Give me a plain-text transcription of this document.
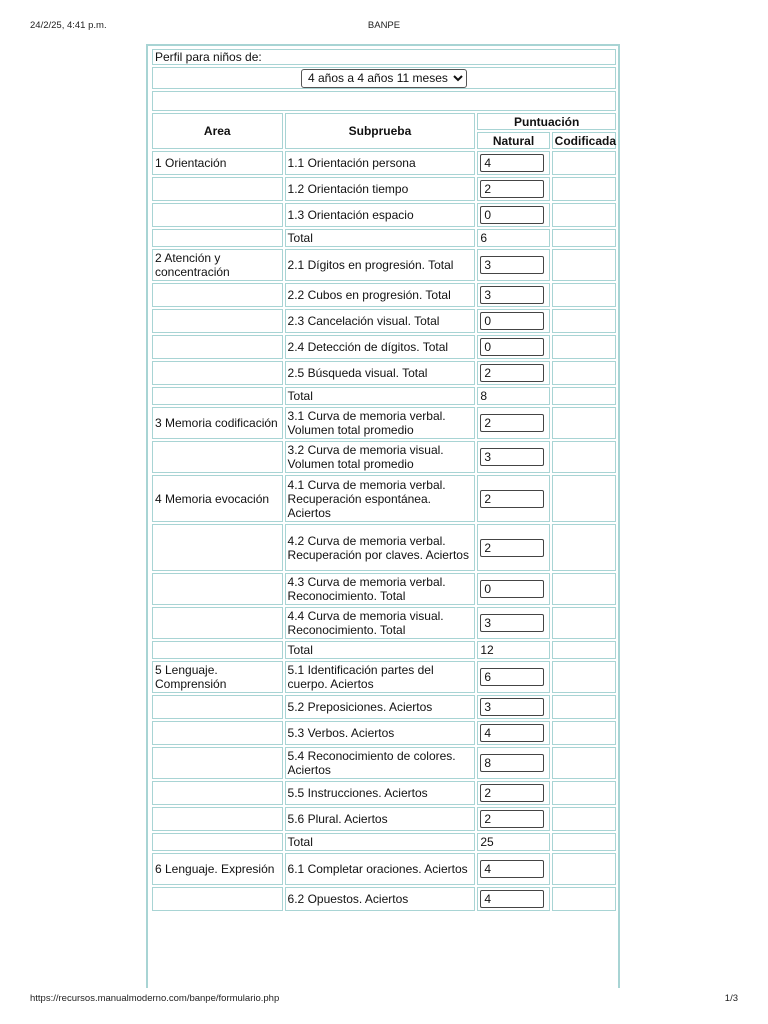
24/2/25, 4:41 p.m.	BANPE
Perfil para niños de:			

4 años a 4 años 11 meses

Area	Subprueba	Puntuación	
		Natural	Codificada
1 Orientación	1.1 Orientación persona	4	
	1.2 Orientación tiempo	2	
	1.3 Orientación espacio	0	
	Total	6	
2 Atención y concentración	2.1 Dígitos en progresión. Total	3	
	2.2 Cubos en progresión. Total	3	
	2.3 Cancelación visual. Total	0	
	2.4 Detección de dígitos. Total	0	
	2.5 Búsqueda visual. Total	2	
	Total	8	
3 Memoria codificación	3.1 Curva de memoria verbal. Volumen total promedio	2	
	3.2 Curva de memoria visual. Volumen total promedio	3	
4 Memoria evocación	4.1 Curva de memoria verbal. Recuperación espontánea. Aciertos	2	
	4.2 Curva de memoria verbal. Recuperación por claves. Aciertos	2	
	4.3 Curva de memoria verbal. Reconocimiento. Total	0	
	4.4 Curva de memoria visual. Reconocimiento. Total	3	
	Total	12	
5 Lenguaje. Comprensión	5.1 Identificación partes del cuerpo. Aciertos	6	
	5.2 Preposiciones. Aciertos	3	
	5.3 Verbos. Aciertos	4	
	5.4 Reconocimiento de colores. Aciertos	8	
	5.5 Instrucciones. Aciertos	2	
	5.6 Plural. Aciertos	2	
	Total	25	
6 Lenguaje. Expresión	6.1 Completar oraciones. Aciertos	4	
	6.2 Opuestos. Aciertos	4	
https://recursos.manualmoderno.com/banpe/formulario.php	1/3
